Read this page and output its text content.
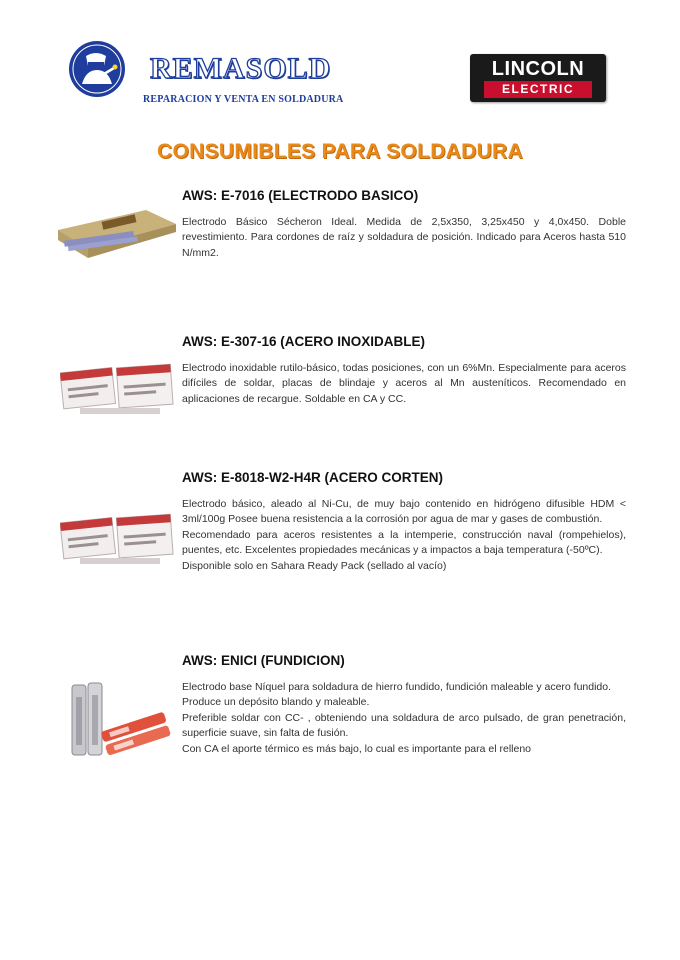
REMASOLD
REPARACION Y VENTA EN SOLDADURA
LINCOLN
ELECTRIC
CONSUMIBLES PARA SOLDADURA
AWS: E-7016 (ELECTRODO BASICO)

Electrodo Básico Sécheron Ideal. Medida de 2,5x350, 3,25x450 y 4,0x450. Doble revestimiento. Para cordones de raíz y soldadura de posición. Indicado para Aceros hasta 510 N/mm2.

AWS: E-307-16 (ACERO INOXIDABLE)

Electrodo inoxidable rutilo-básico, todas posiciones, con un 6%Mn. Especialmente para aceros difíciles de soldar, placas de blindaje y aceros al Mn austeníticos. Recomendado en aplicaciones de recargue. Soldable en CA y CC.

AWS: E-8018-W2-H4R (ACERO CORTEN)

Electrodo básico, aleado al Ni-Cu, de muy bajo contenido en hidrógeno difusible HDM < 3ml/100g Posee buena resistencia a la corrosión por agua de mar y gases de combustión.

Recomendado para aceros resistentes a la intemperie, construcción naval (rompehielos), puentes, etc. Excelentes propiedades mecánicas y a impactos a baja temperatura (-50ºC).

Disponible solo en Sahara Ready Pack (sellado al vacío)

AWS: ENICI (FUNDICION)

Electrodo base Níquel para soldadura de hierro fundido, fundición maleable y acero fundido.

Produce un depósito blando y maleable.

Preferible soldar con CC- , obteniendo una soldadura de arco pulsado, de gran penetración, superficie suave, sin falta de fusión.

Con CA el aporte térmico es más bajo, lo cual es importante para el relleno
